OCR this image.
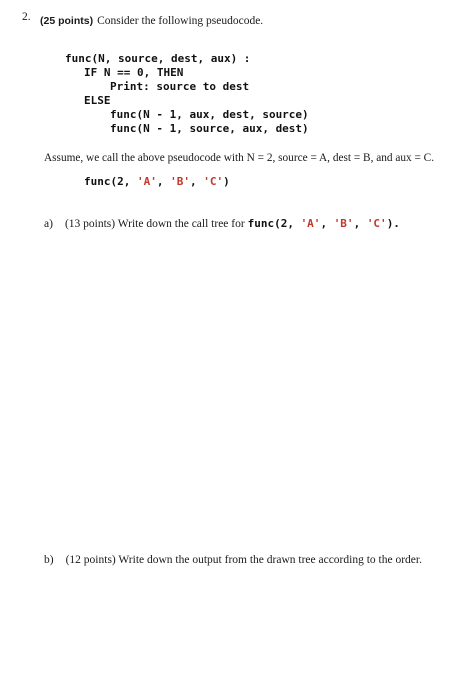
2. (25 points) Consider the following pseudocode.
func(N, source, dest, aux) :
IF N == 0, THEN
Print: source to dest
ELSE
func(N - 1, aux, dest, source)
func(N - 1, source, aux, dest)
Assume, we call the above pseudocode with N = 2, source = A, dest = B, and aux = C.
func(2, 'A', 'B', 'C')
a) (13 points) Write down the call tree for func(2, 'A', 'B', 'C').
b) (12 points) Write down the output from the drawn tree according to the order.
